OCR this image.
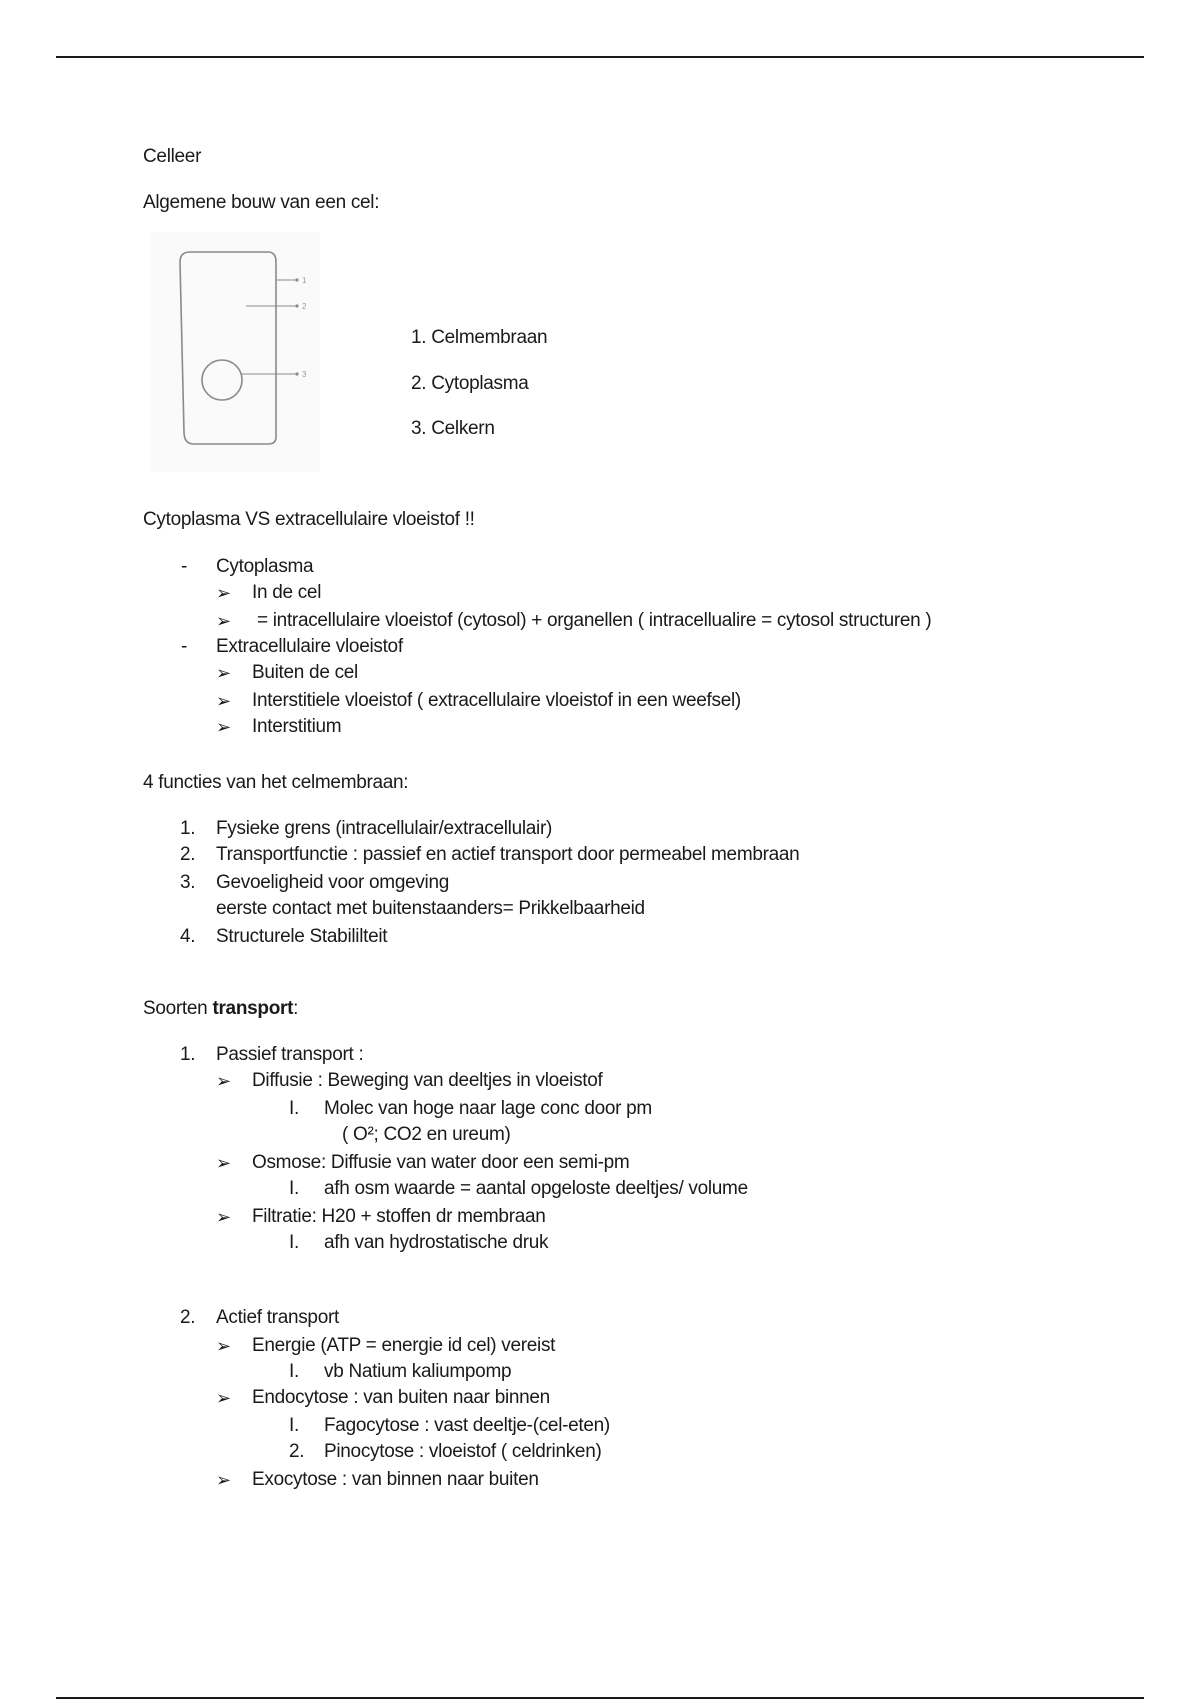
Celleer
Algemene bouw van een cel:
1
2
3
1. Celmembraan
2. Cytoplasma
3. Celkern
Cytoplasma VS extracellulaire vloeistof !!
- Cytoplasma
➢ In de cel
➢ = intracellulaire vloeistof (cytosol) + organellen ( intracellualire = cytosol structuren )
- Extracellulaire vloeistof
➢ Buiten de cel
➢ Interstitiele vloeistof ( extracellulaire vloeistof in een weefsel)
➢ Interstitium
4 functies van het celmembraan:
1. Fysieke grens (intracellulair/extracellulair)
2. Transportfunctie : passief en actief transport door permeabel membraan
3. Gevoeligheid voor omgeving
eerste contact met buitenstaanders= Prikkelbaarheid
4. Structurele Stabililteit
Soorten transport:
1. Passief transport :
➢ Diffusie : Beweging van deeltjes in vloeistof
I. Molec van hoge naar lage conc door pm
( O²; CO2 en ureum)
➢ Osmose: Diffusie van water door een semi-pm
I. afh osm waarde = aantal opgeloste deeltjes/ volume
➢ Filtratie: H20 + stoffen dr membraan
I. afh van hydrostatische druk
2. Actief transport
➢ Energie (ATP = energie id cel) vereist
I. vb Natium kaliumpomp
➢ Endocytose : van buiten naar binnen
I. Fagocytose : vast deeltje-(cel-eten)
2. Pinocytose : vloeistof ( celdrinken)
➢ Exocytose : van binnen naar buiten
